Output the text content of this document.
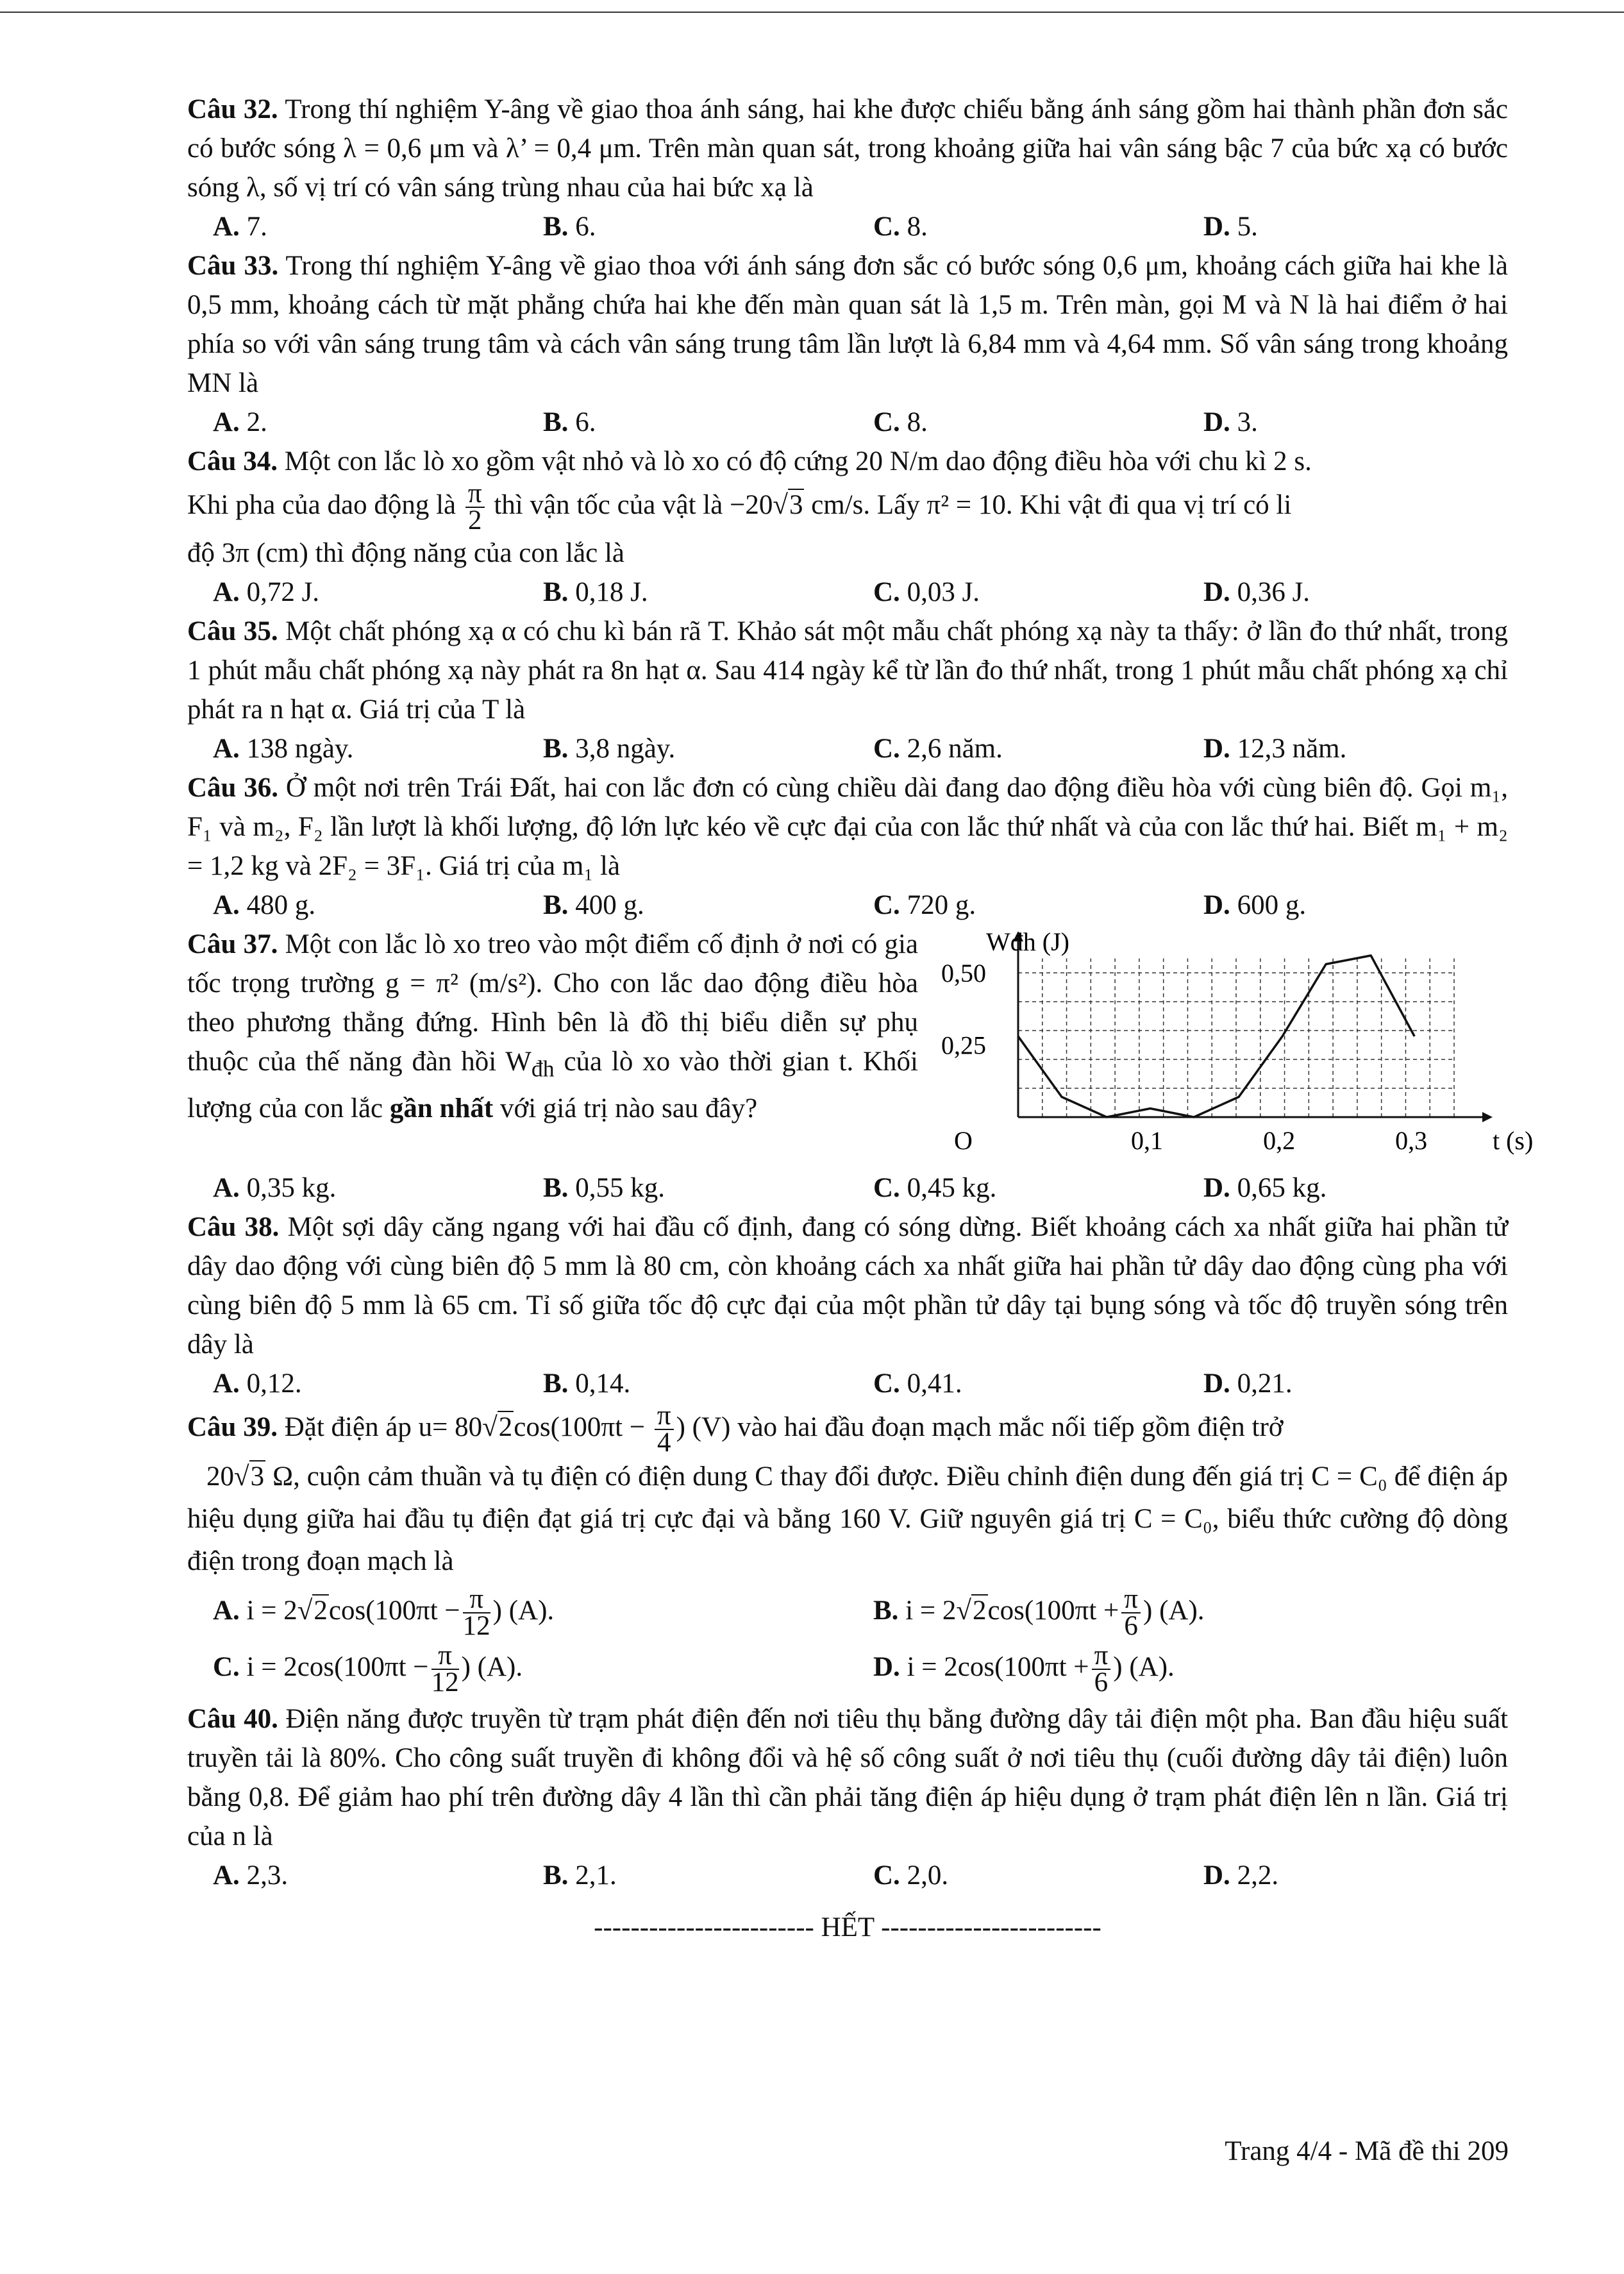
Câu 32. Trong thí nghiệm Y-âng về giao thoa ánh sáng, hai khe được chiếu bằng ánh sáng gồm hai thành phần đơn sắc có bước sóng λ = 0,6 μm và λ’ = 0,4 μm. Trên màn quan sát, trong khoảng giữa hai vân sáng bậc 7 của bức xạ có bước sóng λ, số vị trí có vân sáng trùng nhau của hai bức xạ là

A. 7.	B. 6.	C. 8.	D. 5.

Câu 33. Trong thí nghiệm Y-âng về giao thoa với ánh sáng đơn sắc có bước sóng 0,6 μm, khoảng cách giữa hai khe là 0,5 mm, khoảng cách từ mặt phẳng chứa hai khe đến màn quan sát là 1,5 m. Trên màn, gọi M và N là hai điểm ở hai phía so với vân sáng trung tâm và cách vân sáng trung tâm lần lượt là 6,84 mm và 4,64 mm. Số vân sáng trong khoảng MN là

A. 2.	B. 6.	C. 8.	D. 3.

Câu 34. Một con lắc lò xo gồm vật nhỏ và lò xo có độ cứng 20 N/m dao động điều hòa với chu kì 2 s.
Khi pha của dao động là $\frac{\pi}{2}$ thì vận tốc của vật là −20√3 cm/s. Lấy π² = 10. Khi vật đi qua vị trí có li
độ 3π (cm) thì động năng của con lắc là

A. 0,72 J.	B. 0,18 J.	C. 0,03 J.	D. 0,36 J.

Câu 35. Một chất phóng xạ α có chu kì bán rã T. Khảo sát một mẫu chất phóng xạ này ta thấy: ở lần đo thứ nhất, trong 1 phút mẫu chất phóng xạ này phát ra 8n hạt α. Sau 414 ngày kể từ lần đo thứ nhất, trong 1 phút mẫu chất phóng xạ chỉ phát ra n hạt α. Giá trị của T là

A. 138 ngày.	B. 3,8 ngày.	C. 2,6 năm.	D. 12,3 năm.

Câu 36. Ở một nơi trên Trái Đất, hai con lắc đơn có cùng chiều dài đang dao động điều hòa với cùng biên độ. Gọi m₁, F₁ và m₂, F₂ lần lượt là khối lượng, độ lớn lực kéo về cực đại của con lắc thứ nhất và của con lắc thứ hai. Biết m₁ + m₂ = 1,2 kg và 2F₂ = 3F₁. Giá trị của m₁ là

A. 480 g.	B. 400 g.	C. 720 g.	D. 600 g.

Câu 37. Một con lắc lò xo treo vào một điểm cố định ở nơi có gia tốc trọng trường g = π² (m/s²). Cho con lắc dao động điều hòa theo phương thẳng đứng. Hình bên là đồ thị biểu diễn sự phụ thuộc của thế năng đàn hồi $W_{đh}$ của lò xo vào thời gian t. Khối lượng của con lắc gần nhất với giá trị nào sau đây?

Wđh (J)
t (s)
O	0,1	0,2	0,3
0,25
0,50
A. 0,35 kg.	B. 0,55 kg.	C. 0,45 kg.	D. 0,65 kg.

Câu 38. Một sợi dây căng ngang với hai đầu cố định, đang có sóng dừng. Biết khoảng cách xa nhất giữa hai phần tử dây dao động với cùng biên độ 5 mm là 80 cm, còn khoảng cách xa nhất giữa hai phần tử dây dao động cùng pha với cùng biên độ 5 mm là 65 cm. Tỉ số giữa tốc độ cực đại của một phần tử dây tại bụng sóng và tốc độ truyền sóng trên dây là

A. 0,12.	B. 0,14.	C. 0,41.	D. 0,21.

Câu 39. Đặt điện áp $u= 80√2\cos(100\pi t - \frac{\pi}{4}$ ) (V) vào hai đầu đoạn mạch mắc nối tiếp gồm điện trở
20√3 Ω, cuộn cảm thuần và tụ điện có điện dung C thay đổi được. Điều chỉnh điện dung đến giá trị C = C₀ để điện áp hiệu dụng giữa hai đầu tụ điện đạt giá trị cực đại và bằng 160 V. Giữ nguyên giá trị C = C₀, biểu thức cường độ dòng điện trong đoạn mạch là

A. $i = 2√2\cos(100\pi t - \frac{\pi}{12}$ ) (A).	B. $i = 2√2\cos(100\pi t + \frac{\pi}{6}$ ) (A).
C. $i = 2\cos(100\pi t - \frac{\pi}{12}$ ) (A).	D. $i = 2\cos(100\pi t + \frac{\pi}{6}$ ) (A).

Câu 40. Điện năng được truyền từ trạm phát điện đến nơi tiêu thụ bằng đường dây tải điện một pha. Ban đầu hiệu suất truyền tải là 80%. Cho công suất truyền đi không đổi và hệ số công suất ở nơi tiêu thụ (cuối đường dây tải điện) luôn bằng 0,8. Để giảm hao phí trên đường dây 4 lần thì cần phải tăng điện áp hiệu dụng ở trạm phát điện lên n lần. Giá trị của n là

A. 2,3.	B. 2,1.	C. 2,0.	D. 2,2.
------------------------ HẾT ------------------------
Trang 4/4 - Mã đề thi 209
